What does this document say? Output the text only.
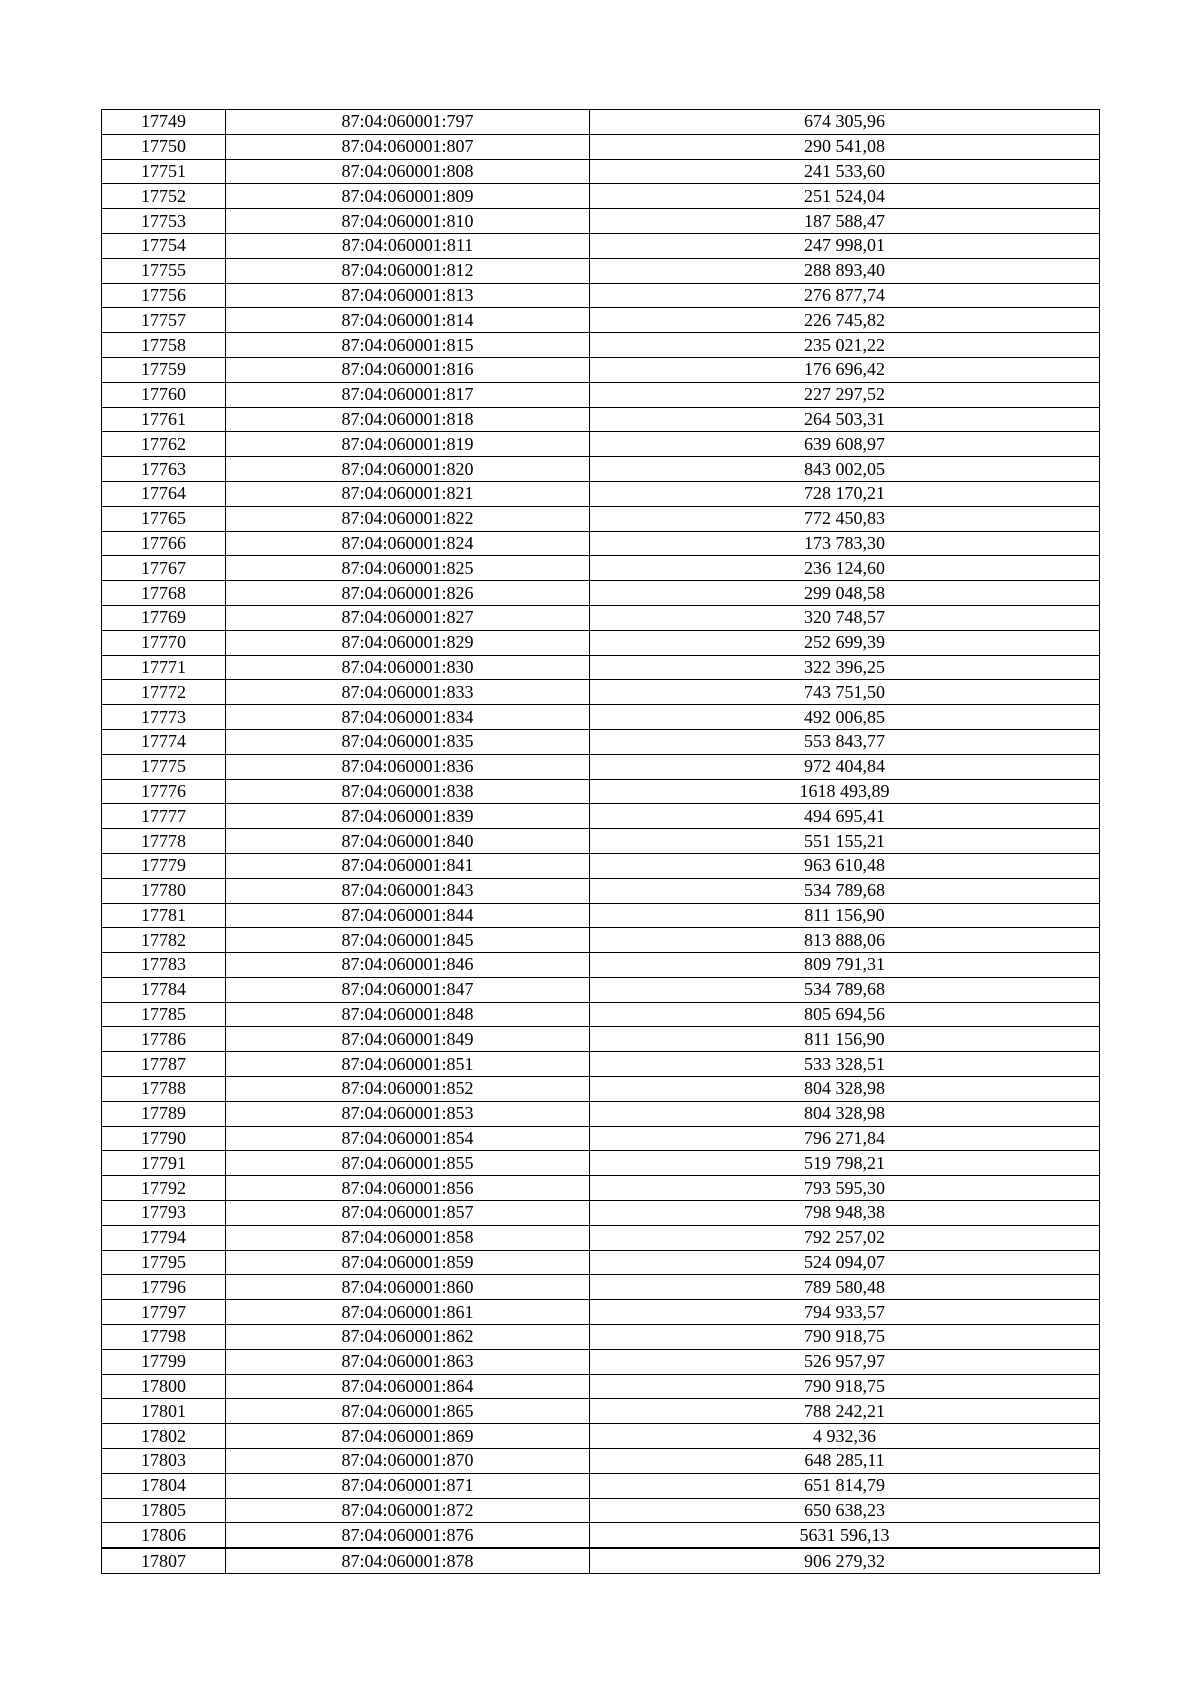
17749	87:04:060001:797	674 305,96
17750	87:04:060001:807	290 541,08
17751	87:04:060001:808	241 533,60
17752	87:04:060001:809	251 524,04
17753	87:04:060001:810	187 588,47
17754	87:04:060001:811	247 998,01
17755	87:04:060001:812	288 893,40
17756	87:04:060001:813	276 877,74
17757	87:04:060001:814	226 745,82
17758	87:04:060001:815	235 021,22
17759	87:04:060001:816	176 696,42
17760	87:04:060001:817	227 297,52
17761	87:04:060001:818	264 503,31
17762	87:04:060001:819	639 608,97
17763	87:04:060001:820	843 002,05
17764	87:04:060001:821	728 170,21
17765	87:04:060001:822	772 450,83
17766	87:04:060001:824	173 783,30
17767	87:04:060001:825	236 124,60
17768	87:04:060001:826	299 048,58
17769	87:04:060001:827	320 748,57
17770	87:04:060001:829	252 699,39
17771	87:04:060001:830	322 396,25
17772	87:04:060001:833	743 751,50
17773	87:04:060001:834	492 006,85
17774	87:04:060001:835	553 843,77
17775	87:04:060001:836	972 404,84
17776	87:04:060001:838	1618 493,89
17777	87:04:060001:839	494 695,41
17778	87:04:060001:840	551 155,21
17779	87:04:060001:841	963 610,48
17780	87:04:060001:843	534 789,68
17781	87:04:060001:844	811 156,90
17782	87:04:060001:845	813 888,06
17783	87:04:060001:846	809 791,31
17784	87:04:060001:847	534 789,68
17785	87:04:060001:848	805 694,56
17786	87:04:060001:849	811 156,90
17787	87:04:060001:851	533 328,51
17788	87:04:060001:852	804 328,98
17789	87:04:060001:853	804 328,98
17790	87:04:060001:854	796 271,84
17791	87:04:060001:855	519 798,21
17792	87:04:060001:856	793 595,30
17793	87:04:060001:857	798 948,38
17794	87:04:060001:858	792 257,02
17795	87:04:060001:859	524 094,07
17796	87:04:060001:860	789 580,48
17797	87:04:060001:861	794 933,57
17798	87:04:060001:862	790 918,75
17799	87:04:060001:863	526 957,97
17800	87:04:060001:864	790 918,75
17801	87:04:060001:865	788 242,21
17802	87:04:060001:869	4 932,36
17803	87:04:060001:870	648 285,11
17804	87:04:060001:871	651 814,79
17805	87:04:060001:872	650 638,23
17806	87:04:060001:876	5631 596,13
17807	87:04:060001:878	906 279,32
